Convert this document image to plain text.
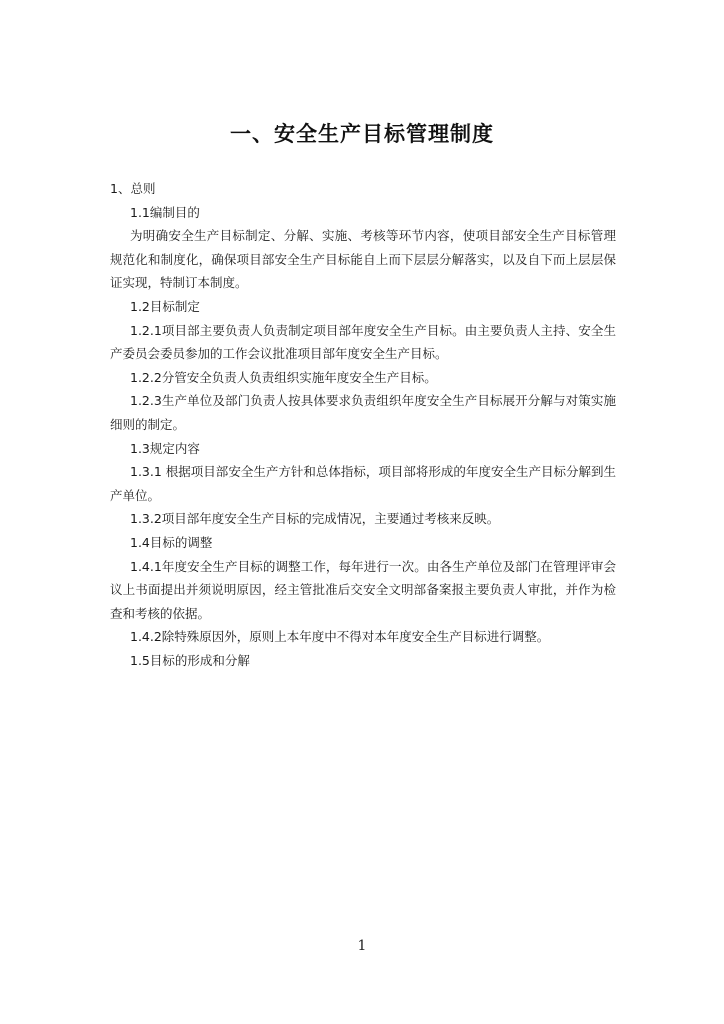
一、安全生产目标管理制度
1、总则
1.1编制目的
为明确安全生产目标制定、分解、实施、考核等环节内容，使项目部安全生产目标管理规范化和制度化，确保项目部安全生产目标能自上而下层层分解落实，以及自下而上层层保证实现，特制订本制度。
1.2目标制定
1.2.1项目部主要负责人负责制定项目部年度安全生产目标。由主要负责人主持、安全生产委员会委员参加的工作会议批准项目部年度安全生产目标。
1.2.2分管安全负责人负责组织实施年度安全生产目标。
1.2.3生产单位及部门负责人按具体要求负责组织年度安全生产目标展开分解与对策实施细则的制定。
1.3规定内容
1.3.1 根据项目部安全生产方针和总体指标，项目部将形成的年度安全生产目标分解到生产单位。
1.3.2项目部年度安全生产目标的完成情况，主要通过考核来反映。
1.4目标的调整
1.4.1年度安全生产目标的调整工作，每年进行一次。由各生产单位及部门在管理评审会议上书面提出并须说明原因，经主管批准后交安全文明部备案报主要负责人审批，并作为检查和考核的依据。
1.4.2除特殊原因外，原则上本年度中不得对本年度安全生产目标进行调整。
1.5目标的形成和分解
1
